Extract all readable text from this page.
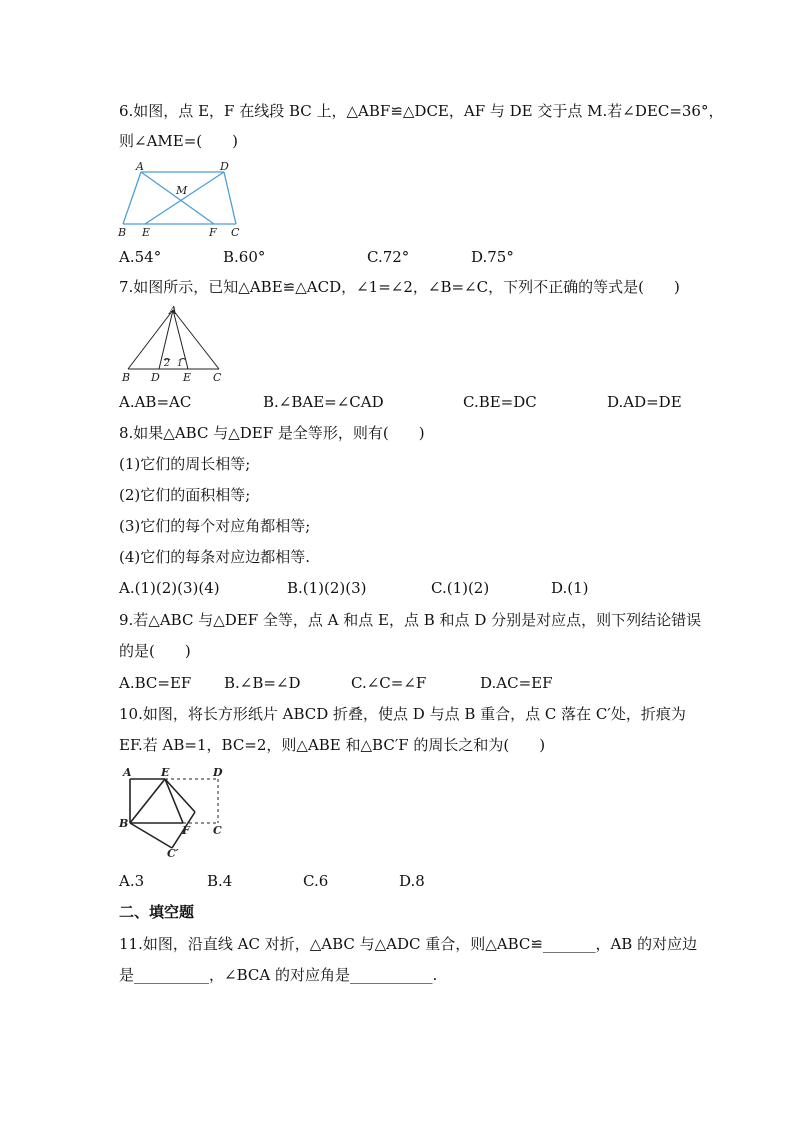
6.如图，点 E，F 在线段 BC 上，△ABF≌△DCE，AF 与 DE 交于点 M.若∠DEC=36°，
则∠AME=(　　)
A	D
M
B E	F C
A.54°	B.60°	C.72°	D.75°
7.如图所示，已知△ABE≌△ACD，∠1=∠2，∠B=∠C，下列不正确的等式是(　　)
A
B D E C
2 1
A.AB=AC	B.∠BAE=∠CAD	C.BE=DC	D.AD=DE
8.如果△ABC 与△DEF 是全等形，则有(　　)
(1)它们的周长相等;
(2)它们的面积相等;
(3)它们的每个对应角都相等;
(4)它们的每条对应边都相等.
A.(1)(2)(3)(4)	B.(1)(2)(3)	C.(1)(2)	D.(1)
9.若△ABC 与△DEF 全等，点 A 和点 E，点 B 和点 D 分别是对应点，则下列结论错误
的是(　　)
A.BC=EF B.∠B=∠D	C.∠C=∠F	D.AC=EF
10.如图，将长方形纸片 ABCD 折叠，使点 D 与点 B 重合，点 C 落在 C′处，折痕为
EF.若 AB=1，BC=2，则△ABE 和△BC′F 的周长之和为(　　)
A	E	D
B
F C
C′
A.3	B.4	C.6	D.8
二、填空题
11.如图，沿直线 AC 对折，△ABC 与△ADC 重合，则△ABC≌_______，AB 的对应边
是__________，∠BCA 的对应角是___________.
